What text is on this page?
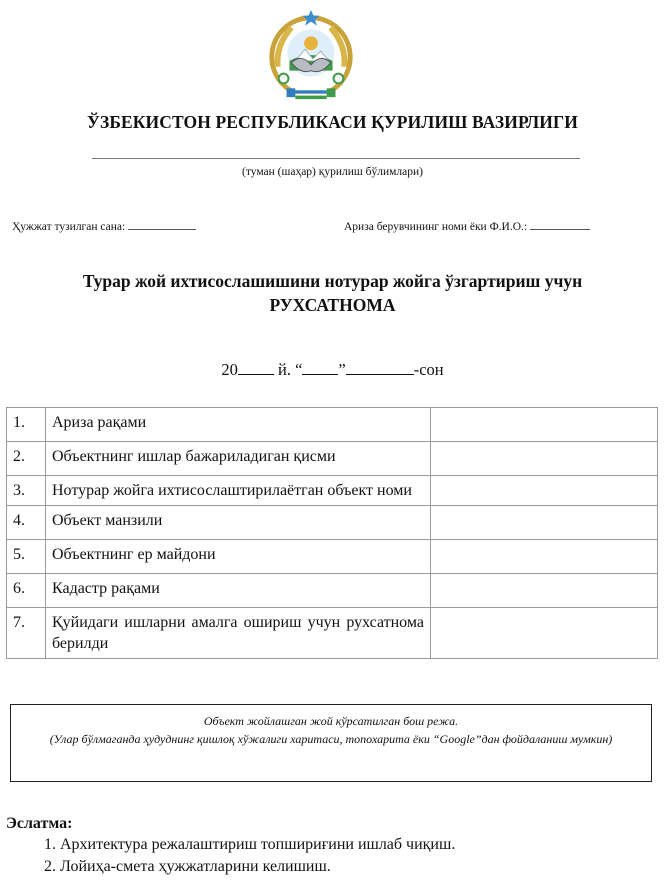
ЎЗБЕКИСТОН РЕСПУБЛИКАСИ ҚУРИЛИШ ВАЗИРЛИГИ
(туман (шаҳар) қурилиш бўлимлари)
Ҳужжат тузилган сана:	Ариза берувчининг номи ёки Ф.И.О.:
Турар жой ихтисослашишини нотурар жойга ўзгартириш учун
РУХСАТНОМА
20 й. “ ”	-сон
1.	Ариза рақами	
2.	Объектнинг ишлар бажариладиган қисми	
3.	Нотурар жойга ихтисослаштирилаётган объект номи	
4.	Объект манзили	
5.	Объектнинг ер майдони	
6.	Кадастр рақами	
7.	Қуйидаги ишларни амалга ошириш учун рухсатнома берилди	
Объект жойлашган жой кўрсатилган бош режа.
(Улар бўлмаганда ҳудуднинг қишлоқ хўжалиги харитаси, топохарита ёки “Google”дан фойдаланиш мумкин)
Эслатма:
1. Архитектура режалаштириш топшириғини ишлаб чиқиш.
2. Лойиҳа-смета ҳужжатларини келишиш.
